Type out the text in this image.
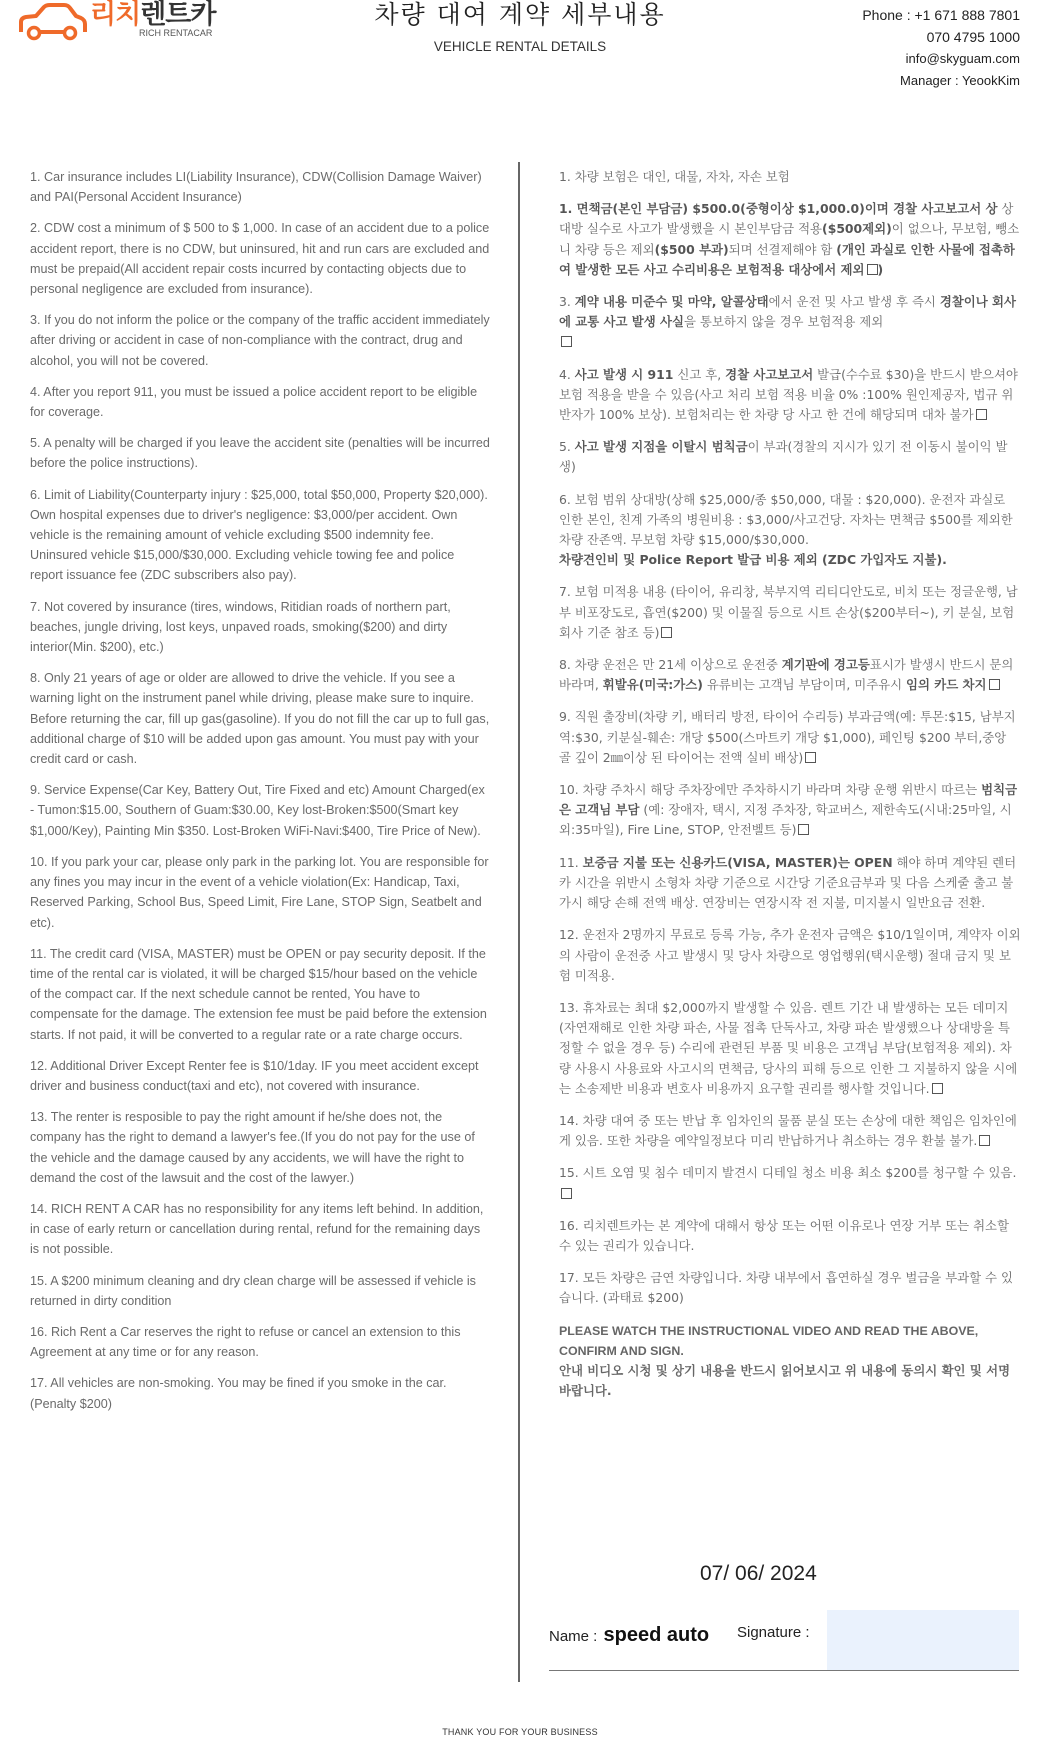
리치렌트카
RICH RENTACAR
차량 대여 계약 세부내용
VEHICLE RENTAL DETAILS
Phone : +1 671 888 7801
070 4795 1000
info@skyguam.com
Manager : YeookKim

1. Car insurance includes LI(Liability Insurance), CDW(Collision Damage Waiver) and PAI(Personal Accident Insurance)

2. CDW cost a minimum of $ 500 to $ 1,000. In case of an accident due to a police accident report, there is no CDW, but uninsured, hit and run cars are excluded and must be prepaid(All accident repair costs incurred by contacting objects due to personal negligence are excluded from insurance).

3. If you do not inform the police or the company of the traffic accident immediately after driving or accident in case of non-compliance with the contract, drug and alcohol, you will not be covered.

4. After you report 911, you must be issued a police accident report to be eligible for coverage.

5. A penalty will be charged if you leave the accident site (penalties will be incurred before the police instructions).

6. Limit of Liability(Counterparty injury : $25,000, total $50,000, Property $20,000). Own hospital expenses due to driver's negligence: $3,000/per accident. Own vehicle is the remaining amount of vehicle excluding $500 indemnity fee. Uninsured vehicle $15,000/$30,000. Excluding vehicle towing fee and police report issuance fee (ZDC subscribers also pay).

7. Not covered by insurance (tires, windows, Ritidian roads of northern part, beaches, jungle driving, lost keys, unpaved roads, smoking($200) and dirty interior(Min. $200), etc.)

8. Only 21 years of age or older are allowed to drive the vehicle. If you see a warning light on the instrument panel while driving, please make sure to inquire. Before returning the car, fill up gas(gasoline). If you do not fill the car up to full gas, additional charge of $10 will be added upon gas amount. You must pay with your credit card or cash.

9. Service Expense(Car Key, Battery Out, Tire Fixed and etc) Amount Charged(ex - Tumon:$15.00, Southern of Guam:$30.00, Key lost-Broken:$500(Smart key $1,000/Key), Painting Min $350. Lost-Broken WiFi-Navi:$400, Tire Price of New).

10. If you park your car, please only park in the parking lot. You are responsible for any fines you may incur in the event of a vehicle violation(Ex: Handicap, Taxi, Reserved Parking, School Bus, Speed Limit, Fire Lane, STOP Sign, Seatbelt and etc).

11. The credit card (VISA, MASTER) must be OPEN or pay security deposit. If the time of the rental car is violated, it will be charged $15/hour based on the vehicle of the compact car. If the next schedule cannot be rented, You have to compensate for the damage. The extension fee must be paid before the extension starts. If not paid, it will be converted to a regular rate or a rate charge occurs.

12. Additional Driver Except Renter fee is $10/1day. IF you meet accident except driver and business conduct(taxi and etc), not covered with insurance.

13. The renter is resposible to pay the right amount if he/she does not, the company has the right to demand a lawyer's fee.(If you do not pay for the use of the vehicle and the damage caused by any accidents, we will have the right to demand the cost of the lawsuit and the cost of the lawyer.)

14. RICH RENT A CAR has no responsibility for any items left behind. In addition, in case of early return or cancellation during rental, refund for the remaining days is not possible.

15. A $200 minimum cleaning and dry clean charge will be assessed if vehicle is returned in dirty condition

16. Rich Rent a Car reserves the right to refuse or cancel an extension to this Agreement at any time or for any reason.

17. All vehicles are non-smoking. You may be fined if you smoke in the car. (Penalty $200)

1. 차량 보험은 대인, 대물, 자차, 자손 보험

1. 면책금(본인 부담금) $500.0(중형이상 $1,000.0)이며 경찰 사고보고서 상 상대방 실수로 사고가 발생했을 시 본인부담금 적용($500제외)이 없으나, 무보험, 뺑소니 차량 등은 제외($500 부과)되며 선결제해야 함 (개인 과실로 인한 사물에 접촉하여 발생한 모든 사고 수리비용은 보험적용 대상에서 제외 )

3. 계약 내용 미준수 및 마약, 알콜상태에서 운전 및 사고 발생 후 즉시 경찰이나 회사에 교통 사고 발생 사실을 통보하지 않을 경우 보험적용 제외

4. 사고 발생 시 911 신고 후, 경찰 사고보고서 발급(수수료 $30)을 반드시 받으셔야 보험 적용을 받을 수 있음(사고 처리 보험 적용 비율 0% :100% 원인제공자, 법규 위반자가 100% 보상). 보험처리는 한 차량 당 사고 한 건에 해당되며 대차 불가

5. 사고 발생 지점을 이탈시 범칙금이 부과(경찰의 지시가 있기 전 이동시 불이익 발생)

6. 보험 범위 상대방(상해 $25,000/종 $50,000, 대물 : $20,000). 운전자 과실로 인한 본인, 친계 가족의 병원비용 : $3,000/사고건당. 자차는 면책금 $500를 제외한 차량 잔존액. 무보험 차량 $15,000/$30,000.
차량견인비 및 Police Report 발급 비용 제외 (ZDC 가입자도 지불).

7. 보험 미적용 내용 (타이어, 유리창, 북부지역 리티디안도로, 비치 또는 정글운행, 남부 비포장도로, 흡연($200) 및 이물질 등으로 시트 손상($200부터~), 키 분실, 보험회사 기준 참조 등)

8. 차량 운전은 만 21세 이상으로 운전중 계기판에 경고등표시가 발생시 반드시 문의 바라며, 휘발유(미국:가스) 유류비는 고객님 부담이며, 미주유시 임의 카드 차지

9. 직원 출장비(차량 키, 배터리 방전, 타이어 수리등) 부과금액(예: 투몬:$15, 남부지역:$30, 키분실-훼손: 개당 $500(스마트키 개당 $1,000), 페인팅 $200 부터,중앙 골 깊이 2㎜이상 된 타이어는 전액 실비 배상)

10. 차량 주차시 해당 주차장에만 주차하시기 바라며 차량 운행 위반시 따르는 범칙금은 고객님 부담 (예: 장애자, 택시, 지정 주차장, 학교버스, 제한속도(시내:25마일, 시외:35마일), Fire Line, STOP, 안전벨트 등)

11. 보증금 지불 또는 신용카드(VISA, MASTER)는 OPEN 해야 하며 계약된 렌터카 시간을 위반시 소형차 차량 기준으로 시간당 기준요금부과 및 다음 스케줄 출고 불가시 해당 손해 전액 배상. 연장비는 연장시작 전 지불, 미지불시 일반요금 전환.

12. 운전자 2명까지 무료로 등록 가능, 추가 운전자 금액은 $10/1일이며, 계약자 이외의 사람이 운전중 사고 발생시 및 당사 차량으로 영업행위(택시운행) 절대 금지 및 보험 미적용.

13. 휴차료는 최대 $2,000까지 발생할 수 있음. 렌트 기간 내 발생하는 모든 데미지(자연재해로 인한 차량 파손, 사물 접촉 단독사고, 차량 파손 발생했으나 상대방을 특정할 수 없을 경우 등) 수리에 관련된 부품 및 비용은 고객님 부담(보험적용 제외). 차량 사용시 사용료와 사고시의 면책금, 당사의 피해 등으로 인한 그 지불하지 않을 시에는 소송제반 비용과 변호사 비용까지 요구할 권리를 행사할 것입니다.

14. 차량 대여 중 또는 반납 후 임차인의 물품 분실 또는 손상에 대한 책임은 임차인에게 있음. 또한 차량을 예약일정보다 미리 반납하거나 취소하는 경우 환불 불가.

15. 시트 오염 및 침수 데미지 발견시 디테일 청소 비용 최소 $200를 청구할 수 있음.

16. 리치렌트카는 본 계약에 대해서 항상 또는 어떤 이유로나 연장 거부 또는 취소할 수 있는 권리가 있습니다.

17. 모든 차량은 금연 차량입니다. 차량 내부에서 흡연하실 경우 벌금을 부과할 수 있습니다. (과태료 $200)

PLEASE WATCH THE INSTRUCTIONAL VIDEO AND READ THE ABOVE, CONFIRM AND SIGN.
안내 비디오 시청 및 상기 내용을 반드시 읽어보시고 위 내용에 동의시 확인 및 서명 바랍니다.
07/ 06/ 2024
Name : speed auto Signature :
THANK YOU FOR YOUR BUSINESS
